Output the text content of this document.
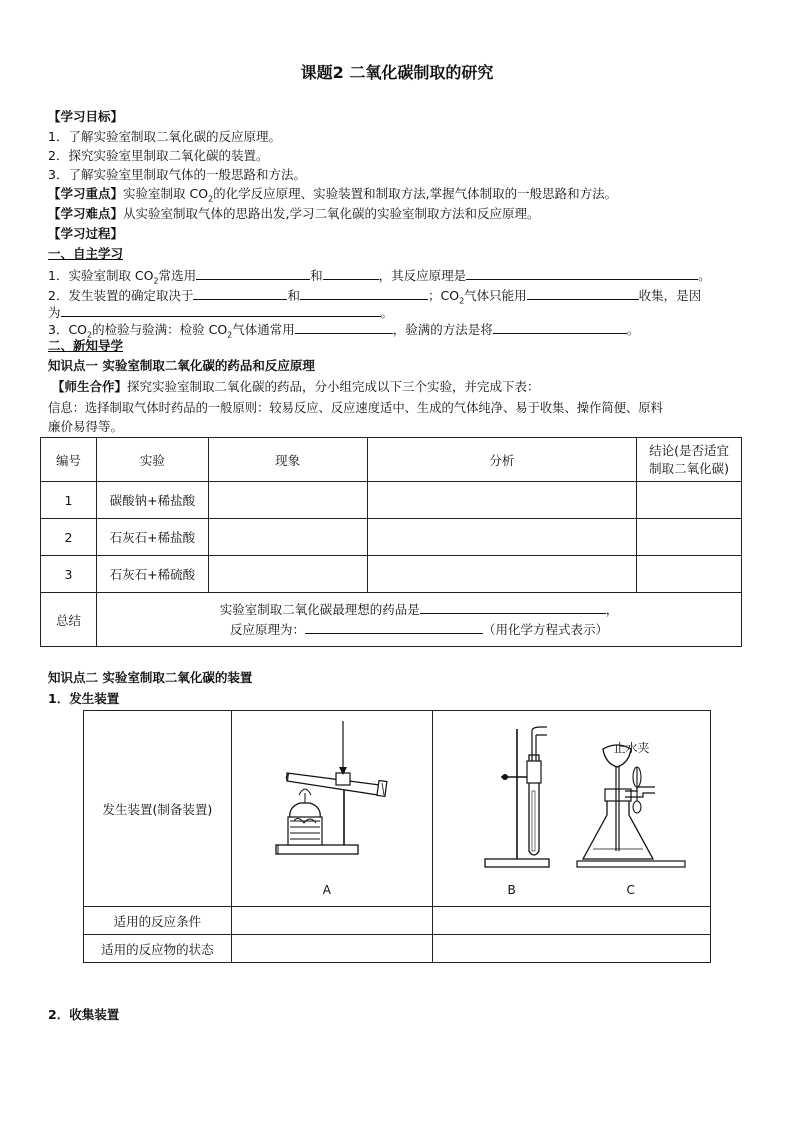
课题2 二氧化碳制取的研究
【学习目标】
1．了解实验室制取二氧化碳的反应原理。
2．探究实验室里制取二氧化碳的装置。
3．了解实验室里制取气体的一般思路和方法。
【学习重点】实验室制取 $CO_2$的化学反应原理、实验装置和制取方法,掌握气体制取的一般思路和方法。
【学习难点】从实验室制取气体的思路出发,学习二氧化碳的实验室制取方法和反应原理。
【学习过程】
一、自主学习
1．实验室制取 $CO_2$常选用	和	，其反应原理是	。
2．发生装置的确定取决于	和	；$CO_2$气体只能用	收集，是因
为	。
3．$CO_2$的检验与验满：检验 $CO_2$气体通常用	，验满的方法是将	。
二、新知导学
知识点一 实验室制取二氧化碳的药品和反应原理
【师生合作】探究实验室制取二氧化碳的药品，分小组完成以下三个实验，并完成下表：
信息：选择制取气体时药品的一般原则：较易反应、反应速度适中、生成的气体纯净、易于收集、操作简便、原料
廉价易得等。
编号	实验	现象	分析	结论(是否适宜
制取二氧化碳)
1	碳酸钠+稀盐酸			
2	石灰石+稀盐酸			
3	石灰石+稀硫酸			
总结	实验室制取二氧化碳最理想的药品是 ，
反应原理为： （用化学方程式表示）			
知识点二 实验室制取二氧化碳的装置
1．发生装置
发生装置(制备装置)	A	止水夹
B C

适用的反应条件		
适用的反应物的状态		
2．收集装置
